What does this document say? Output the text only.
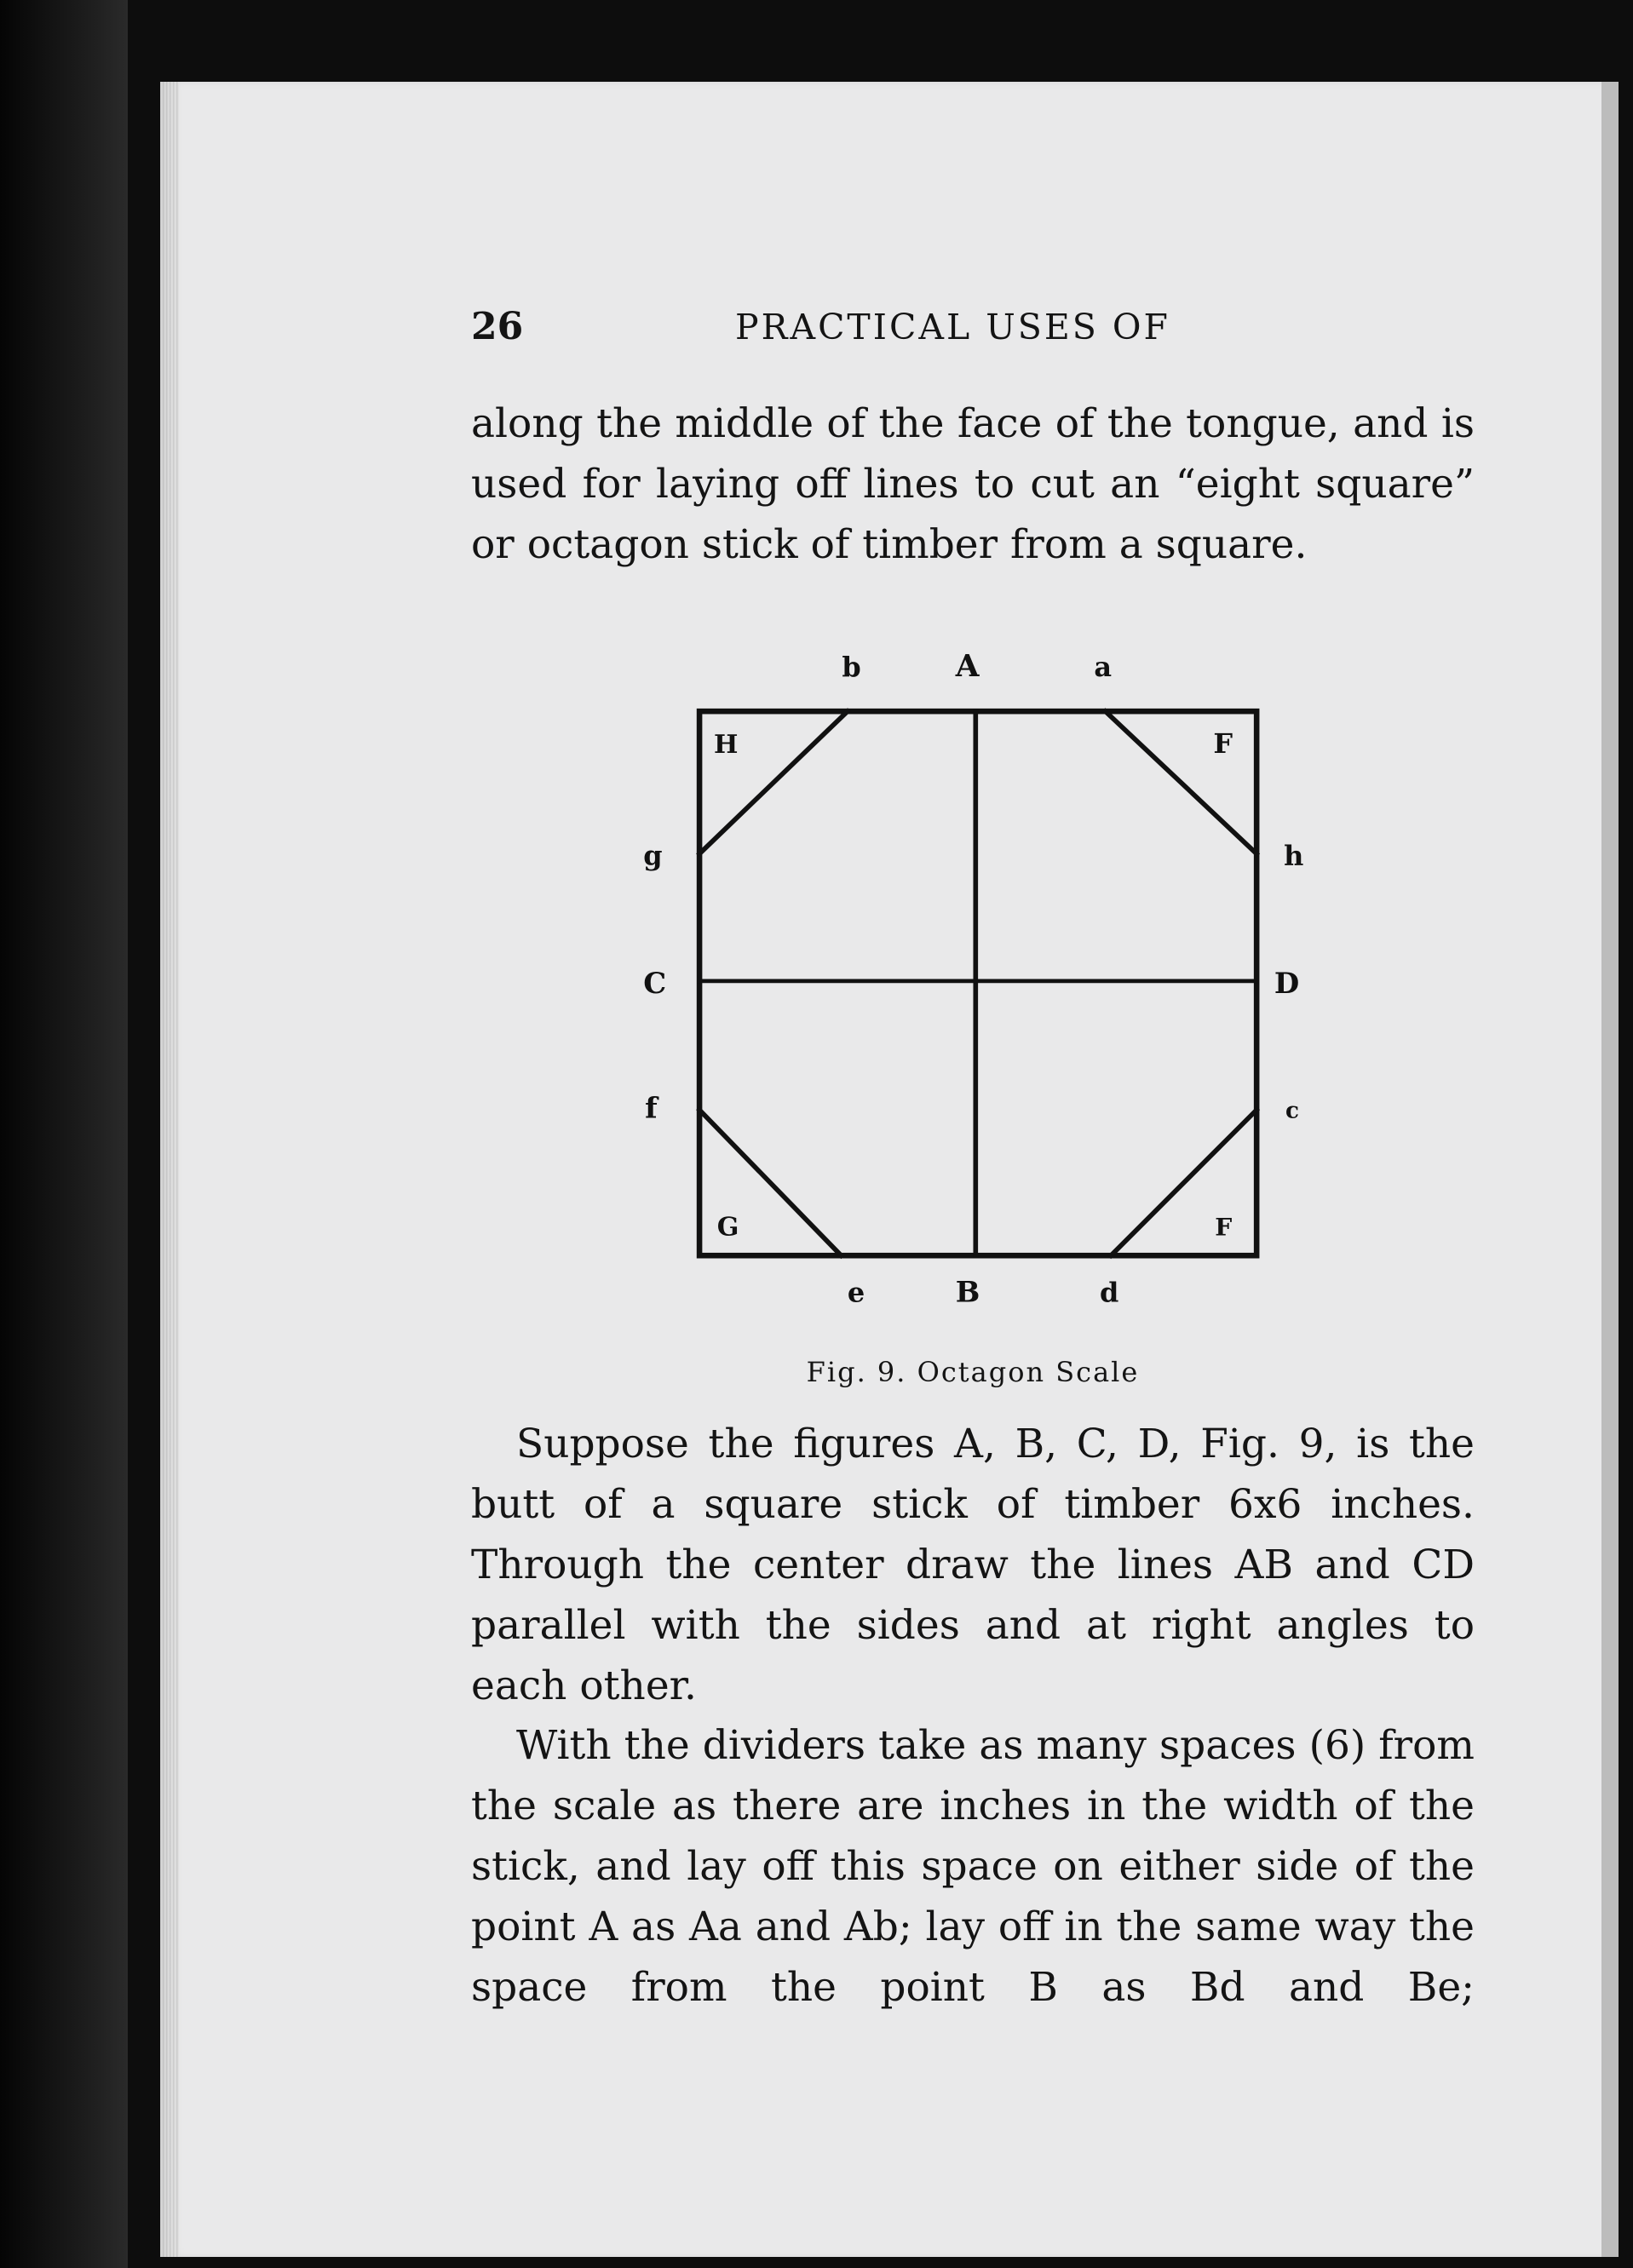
26	PRACTICAL USES OF

along the middle of the face of the tongue, and is used for laying off lines to cut an “eight square” or octagon stick of timber from a square.

b	A	a
H	F
g	h
C	D
f	c
G	F
e	B	d
Fig. 9. Octagon Scale

Suppose the figures A, B, C, D, Fig. 9, is the butt of a square stick of timber 6x6 inches. Through the center draw the lines AB and CD parallel with the sides and at right angles to each other.

With the dividers take as many spaces (6) from the scale as there are inches in the width of the stick, and lay off this space on either side of the point A as Aa and Ab; lay off in the same way the space from the point B as Bd and Be;
